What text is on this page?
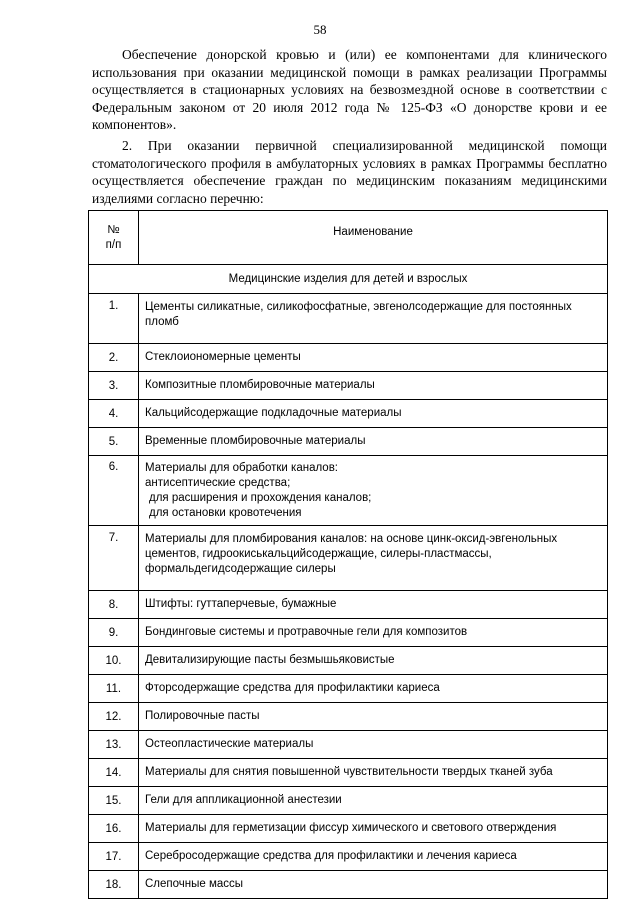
58

Обеспечение донорской кровью и (или) ее компонентами для клинического использования при оказании медицинской помощи в рамках реализации Программы осуществляется в стационарных условиях на безвозмездной основе в соответствии с Федеральным законом от 20 июля 2012 года № 125-ФЗ «О донорстве крови и ее компонентов».

2. При оказании первичной специализированной медицинской помощи стоматологического профиля в амбулаторных условиях в рамках Программы бесплатно осуществляется обеспечение граждан по медицинским показаниям медицинскими изделиями согласно перечню:

№
п/п	Наименование
Медицинские изделия для детей и взрослых	
1.	Цементы силикатные, силикофосфатные, эвгенолсодержащие для постоянных пломб
2.	Стеклоиономерные цементы
3.	Композитные пломбировочные материалы
4.	Кальцийсодержащие подкладочные материалы
5.	Временные пломбировочные материалы
6.	Материалы для обработки каналов:
антисептические средства;
для расширения и прохождения каналов;
для остановки кровотечения

7.	Материалы для пломбирования каналов: на основе цинк-оксид-эвгенольных цементов, гидроокиськальцийсодержащие, силеры-пластмассы, формальдегидсодержащие силеры
8.	Штифты: гуттаперчевые, бумажные
9.	Бондинговые системы и протравочные гели для композитов
10.	Девитализирующие пасты безмышьяковистые
11.	Фторсодержащие средства для профилактики кариеса
12.	Полировочные пасты
13.	Остеопластические материалы
14.	Материалы для снятия повышенной чувствительности твердых тканей зуба
15.	Гели для аппликационной анестезии
16.	Материалы для герметизации фиссур химического и светового отверждения
17.	Серебросодержащие средства для профилактики и лечения кариеса
18.	Слепочные массы
